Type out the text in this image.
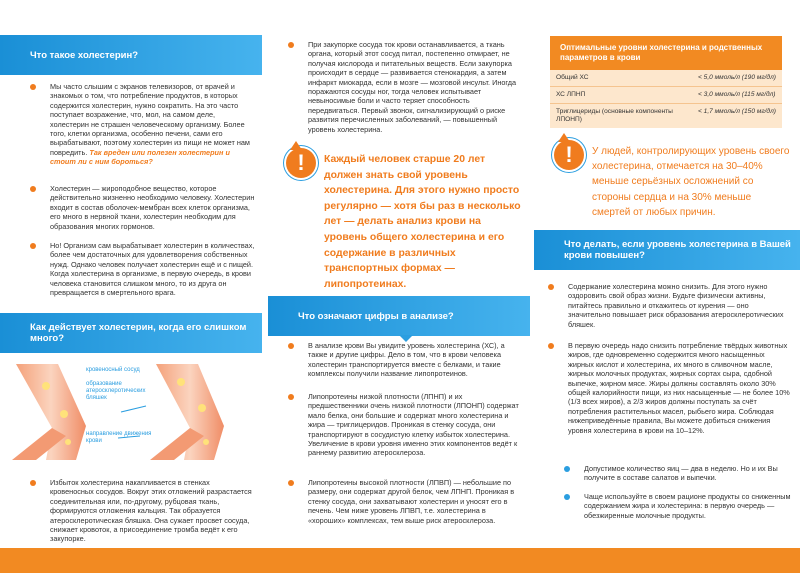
Что такое холестерин?
Мы часто слышим с экранов телевизоров, от врачей и знакомых о том, что потребление продуктов, в которых содержится холестерин, нужно сократить. На это часто поступает возражение, что, мол, на самом деле, холестерин не страшен человеческому организму. Более того, клетки организма, особенно печени, сами его вырабатывают, поэтому холестерин из пищи не может нам повредить. Так вреден или полезен холестерин и стоит ли с ним бороться?
Холестерин — жироподобное вещество, которое действительно жизненно необходимо человеку. Холестерин входит в состав оболочек-мембран всех клеток организма, его много в нервной ткани, холестерин необходим для образования многих гормонов.
Но! Организм сам вырабатывает холестерин в количествах, более чем достаточных для удовлетворения собственных нужд. Однако человек получает холестерин ещё и с пищей. Когда холестерина в организме, в первую очередь, в крови человека становится слишком много, то из друга он превращается в смертельного врага.
Как действует холестерин, когда его слишком много?
кровеносный сосуд
образование атеросклеротических бляшек
направление движения крови
Избыток холестерина накапливается в стенках кровеносных сосудов. Вокруг этих отложений разрастается соединительная или, по-другому, рубцовая ткань, формируются отложения кальция. Так образуется атеросклеротическая бляшка. Она сужает просвет сосуда, снижает кровоток, а присоединение тромба ведёт к его закупорке.
При закупорке сосуда ток крови останавливается, а ткань органа, который этот сосуд питал, постепенно отмирает, не получая кислорода и питательных веществ. Если закупорка происходит в сердце — развивается стенокардия, а затем инфаркт миокарда, если в мозге — мозговой инсульт. Иногда поражаются сосуды ног, тогда человек испытывает невыносимые боли и часто теряет способность передвигаться. Первый звонок, сигнализирующий о риске развития перечисленных заболеваний, — повышенный уровень холестерина.
!	Каждый человек старше 20 лет должен знать свой уровень холестерина. Для этого нужно просто регулярно — хотя бы раз в несколько лет — делать анализ крови на уровень общего холестерина и его содержание в различных транспортных формах — липопротеинах.
Что означают цифры в анализе?
В анализе крови Вы увидите уровень холестерина (ХС), а также и другие цифры. Дело в том, что в крови человека холестерин транспортируется вместе с белками, и такие комплексы получили название липопротеинов.
Липопротеины низкой плотности (ЛПНП) и их предшественники очень низкой плотности (ЛПОНП) содержат мало белка, они большие и содержат много холестерина и жира — триглицеридов. Проникая в стенку сосуда, они транспортируют в сосудистую клетку избыток холестерина. Увеличение в крови уровня именно этих компонентов ведёт к раннему развитию атеросклероза.
Липопротеины высокой плотности (ЛПВП) — небольшие по размеру, они содержат другой белок, чем ЛПНП. Проникая в стенку сосуда, они захватывают холестерин и уносят его в печень. Чем ниже уровень ЛПВП, т.е. холестерина в «хороших» комплексах, тем выше риск атеросклероза.
Оптимальные уровни холестерина и родственных параметров в крови
Общий ХС	< 5,0 ммоль/л (190 мг/дл)
ХС ЛПНП	< 3,0 ммоль/л (115 мг/дл)
Триглицериды (основные компоненты ЛПОНП)	< 1,7 ммоль/л (150 мг/дл)
!	У людей, контролирующих уровень своего холестерина, отмечается на 30–40% меньше серьёзных осложнений со стороны сердца и на 30% меньше смертей от любых причин.
Что делать, если уровень холестерина в Вашей крови повышен?
Содержание холестерина можно снизить. Для этого нужно оздоровить свой образ жизни. Будьте физически активны, питайтесь правильно и откажитесь от курения — оно значительно повышает риск образования атеросклеротических бляшек.
В первую очередь надо снизить потребление твёрдых животных жиров, где одновременно содержится много насыщенных жирных кислот и холестерина, их много в сливочном масле, жирных молочных продуктах, жирных сортах сыра, сдобной выпечке, жирном мясе. Жиры должны составлять около 30% общей калорийности пищи, из них насыщенные — не более 10% (1/3 всех жиров), а 2/3 жиров должны поступать за счёт потребления растительных масел, рыбьего жира. Соблюдая нижеприведённые правила, Вы можете добиться снижения уровня холестерина в крови на 10–12%.
Допустимое количество яиц — два в неделю. Но и их Вы получите в составе салатов и выпечки.
Чаще используйте в своем рационе продукты со сниженным содержанием жира и холестерина: в первую очередь — обезжиренные молочные продукты.
